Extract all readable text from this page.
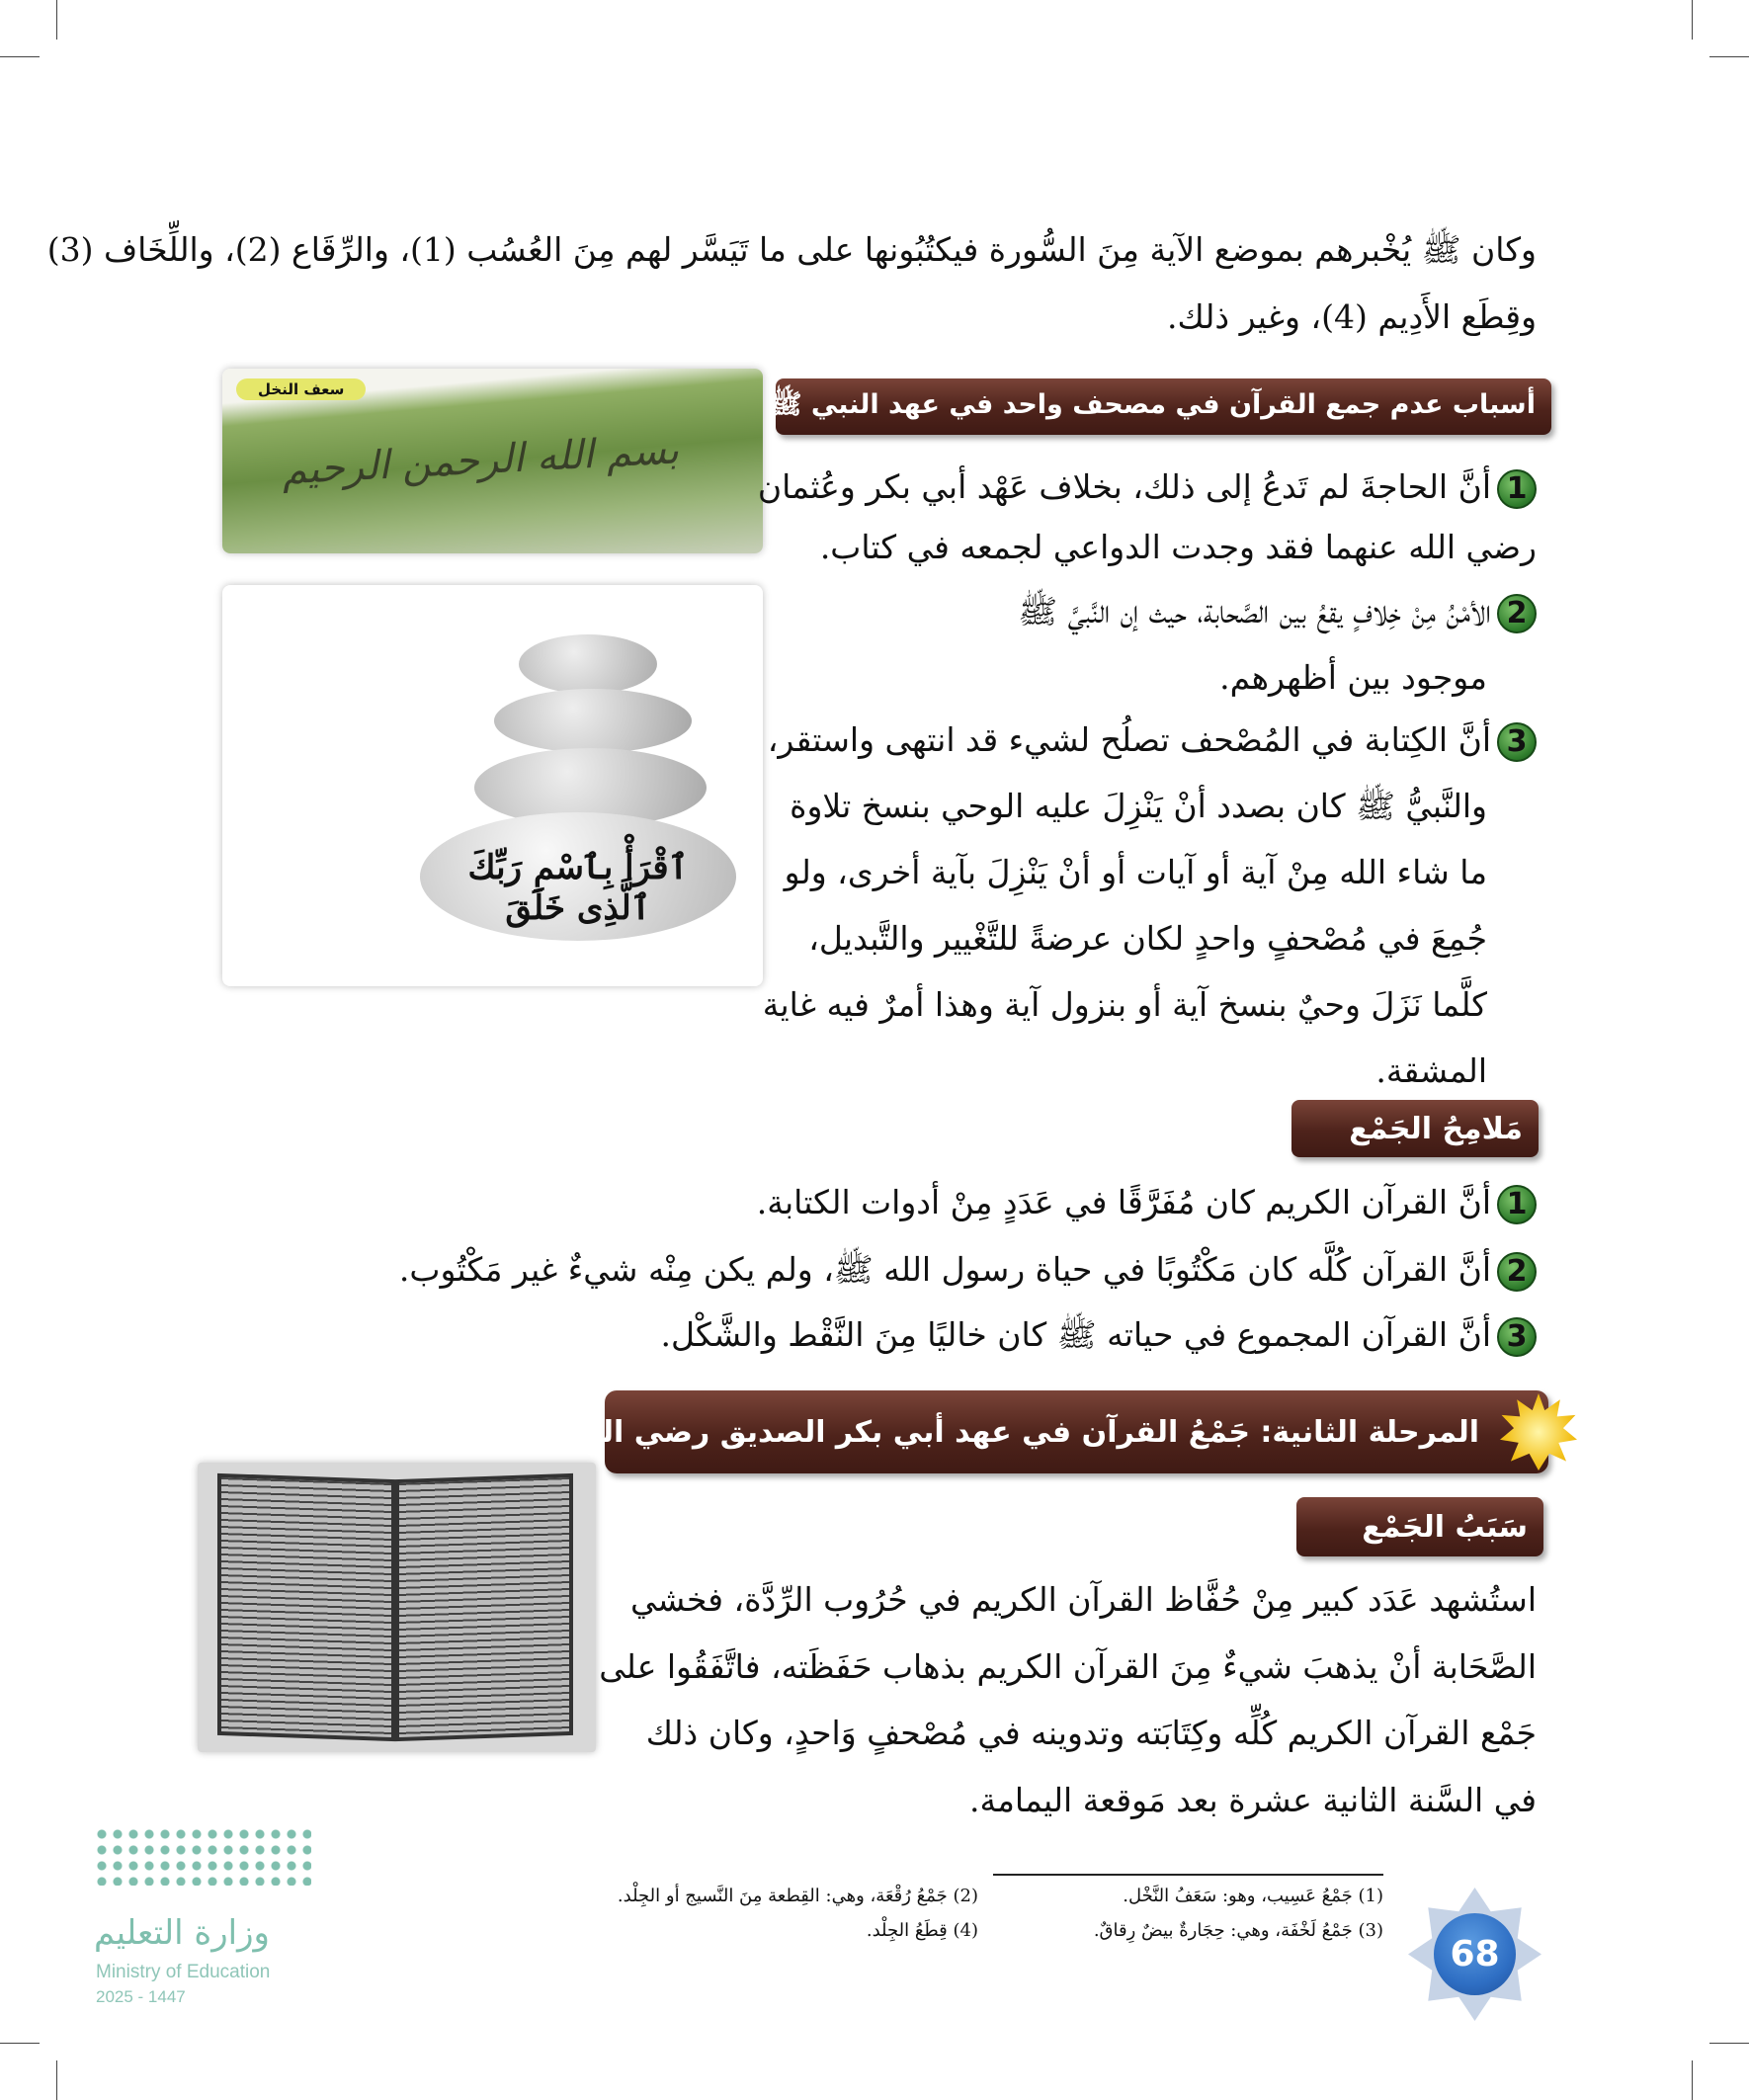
وكان ﷺ يُخْبرهم بموضع الآية مِنَ السُّورة فيكتُبُونها على ما تَيَسَّر لهم مِنَ العُسُب (1)، والرِّقَاع (2)، واللِّخَاف (3)
وقِطَع الأَدِيم (4)، وغير ذلك.
أسباب عدم جمع القرآن في مصحف واحد في عهد النبي ﷺ
سعف النخل
بسم الله الرحمن الرحيم
ٱقْرَأْ بِٱسْمِ رَبِّكَ ٱلَّذِى خَلَقَ
1أنَّ الحاجةَ لم تَدعُ إلى ذلك، بخلاف عَهْد أبي بكر وعُثمان
رضي الله عنهما فقد وجدت الدواعي لجمعه في كتاب.
2الأمْنُ مِنْ خِلافٍ يقعُ بين الصَّحابة، حيث إن النَّبيَّ ﷺ
موجود بين أظهرهم.
3أنَّ الكِتابة في المُصْحف تصلُح لشيء قد انتهى واستقر،
والنَّبيُّ ﷺ كان بصدد أنْ يَنْزِلَ عليه الوحي بنسخ تلاوة
ما شاء الله مِنْ آية أو آيات أو أنْ يَنْزِلَ بآية أخرى، ولو
جُمِعَ في مُصْحفٍ واحدٍ لكان عرضةً للتَّغْيير والتَّبديل،
كلَّما نَزَلَ وحيٌ بنسخ آية أو بنزول آية وهذا أمرٌ فيه غاية
المشقة.
مَلامِحُ الجَمْع
1أنَّ القرآن الكريم كان مُفَرَّقًا في عَدَدٍ مِنْ أدوات الكتابة.
2أنَّ القرآن كُلَّه كان مَكْتُوبًا في حياة رسول الله ﷺ، ولم يكن مِنْه شيءٌ غير مَكْتُوب.
3أنَّ القرآن المجموع في حياته ﷺ كان خاليًا مِنَ النَّقْط والشَّكْل.
المرحلة الثانية: جَمْعُ القرآن في عهد أبي بكر الصديق رضي الله عنه.
سَبَبُ الجَمْع
استُشهد عَدَد كبير مِنْ حُفَّاظ القرآن الكريم في حُرُوب الرِّدَّة، فخشي
الصَّحَابة أنْ يذهبَ شيءٌ مِنَ القرآن الكريم بذهاب حَفَظَته، فاتَّفَقُوا على
جَمْع القرآن الكريم كُلِّه وكِتَابَته وتدوينه في مُصْحفٍ وَاحدٍ، وكان ذلك
في السَّنة الثانية عشرة بعد مَوقعة اليمامة.
(1) جَمْعُ عَسِيب، وهو: سَعَفُ النَّخْل.
(2) جَمْعُ رُقْعَة، وهي: القِطعة مِنَ النَّسيج أو الجِلْد.
(3) جَمْعُ لَخْفَة، وهي: حِجَارةٌ بيضٌ رِقاقٌ.
(4) قِطَعُ الجِلْد.
68
وزارة التعليم
Ministry of Education
2025 - 1447
